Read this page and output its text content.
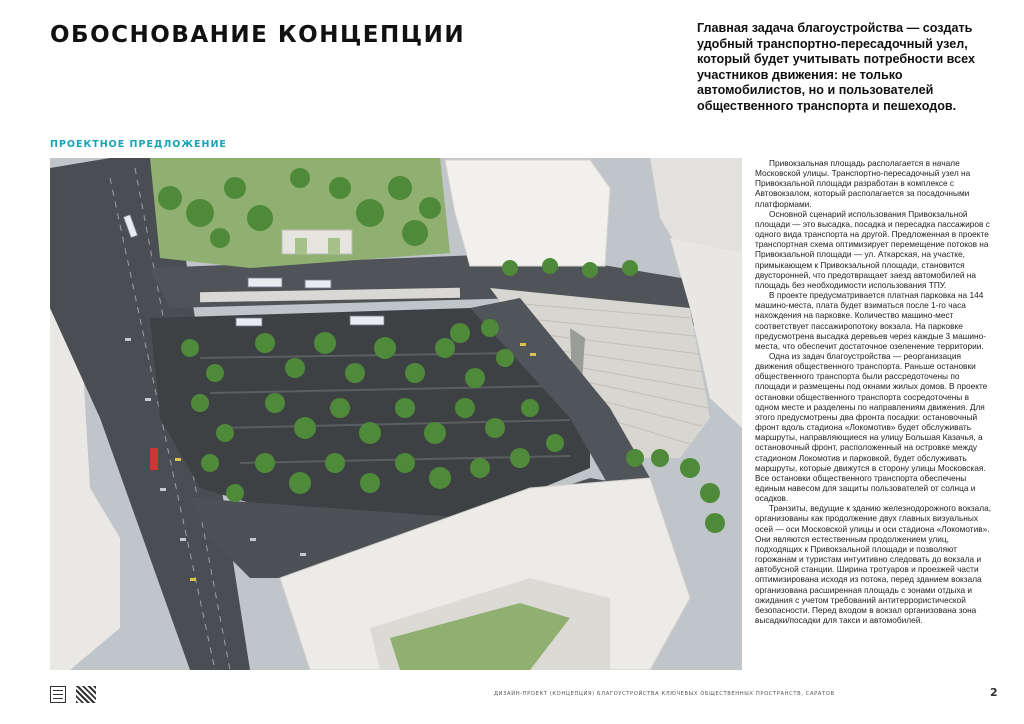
ОБОСНОВАНИЕ КОНЦЕПЦИИ	Главная задача благоустройства — создать удобный транспортно-пересадочный узел, который будет учитывать потребности всех участников движения: не только автомобилистов, но и пользователей общественного транспорта и пешеходов.
ПРОЕКТНОЕ ПРЕДЛОЖЕНИЕ

Привокзальная площадь располагается в начале Московской улицы. Транспортно-пересадочный узел на Привокзальной площади разработан в комплексе с Автовокзалом, который располагается за посадочными платформами.

Основной сценарий использования Привокзальной площади — это высадка, посадка и пересадка пассажиров с одного вида транспорта на другой. Предложенная в проекте транспортная схема оптимизирует перемещение потоков на Привокзальной площади — ул. Аткарская, на участке, примыкающем к Привокзальной площади, становится двусторонней, что предотвращает заезд автомобилей на площадь без необходимости использования ТПУ.

В проекте предусматривается платная парковка на 144 машино-места, плата будет взиматься после 1-го часа нахождения на парковке. Количество машино-мест соответствует пассажиропотоку вокзала. На парковке предусмотрена высадка деревьев через каждые 3 машино-места, что обеспечит достаточное озеленение территории.

Одна из задач благоустройства — реорганизация движения общественного транспорта. Раньше остановки общественного транспорта были рассредоточены по площади и размещены под окнами жилых домов. В проекте остановки общественного транспорта сосредоточены в одном месте и разделены по направлениям движения. Для этого предусмотрены два фронта посадки: остановочный фронт вдоль стадиона «Локомотив» будет обслуживать маршруты, направляющиеся на улицу Большая Казачья, а остановочный фронт, расположенный на островке между стадионом Локомотив и парковкой, будет обслуживать маршруты, которые движутся в сторону улицы Московская. Все остановки общественного транспорта обеспечены единым навесом для защиты пользователей от солнца и осадков.

Транзиты, ведущие к зданию железнодорожного вокзала, организованы как продолжение двух главных визуальных осей — оси Московской улицы и оси стадиона «Локомотив». Они являются естественным продолжением улиц, подходящих к Привокзальной площади и позволяют горожанам и туристам интуитивно следовать до вокзала и автобусной станции. Ширина тротуаров и проезжей части оптимизирована исходя из потока, перед зданием вокзала организована расширенная площадь с зонами отдыха и ожидания с учетом требований антитеррористической безопасности. Перед входом в вокзал организована зона высадки/посадки для такси и автомобилей.

ДИЗАЙН-ПРОЕКТ (КОНЦЕПЦИЯ) БЛАГОУСТРОЙСТВА КЛЮЧЕВЫХ ОБЩЕСТВЕННЫХ ПРОСТРАНСТВ, САРАТОВ	2
